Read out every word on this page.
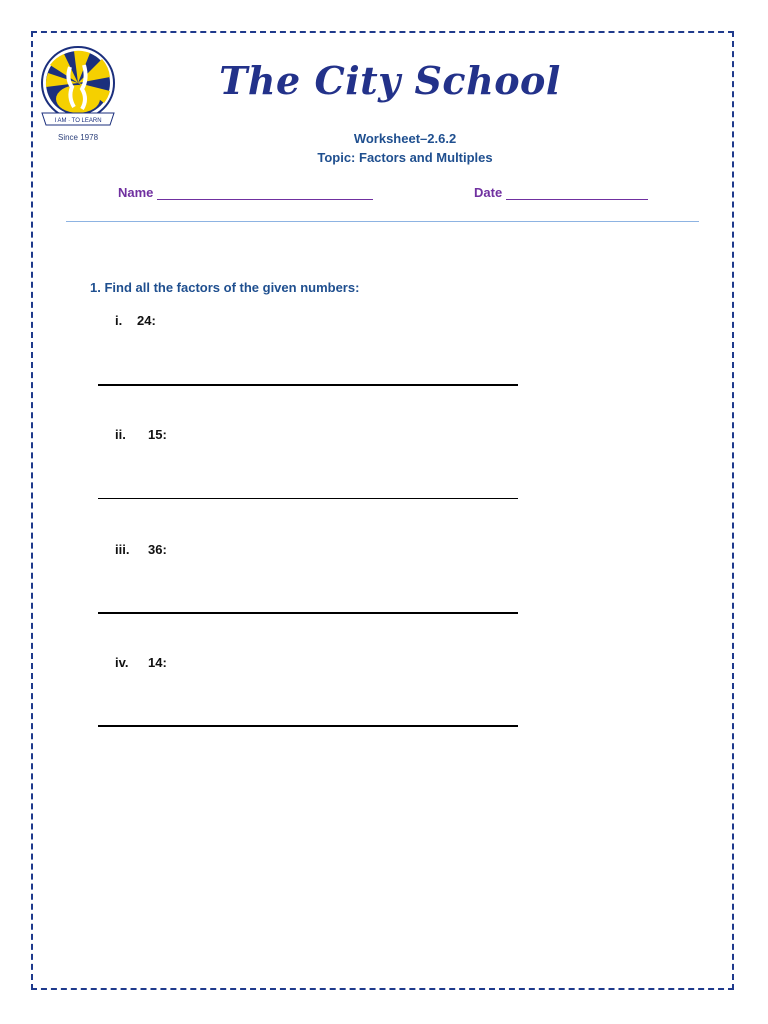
I AM · TO LEARN
Since 1978
The City School
Worksheet–2.6.2
Topic: Factors and Multiples
Name	Date
1. Find all the factors of the given numbers:
i.	24:
ii.	15:
iii.	36:
iv.	14:
